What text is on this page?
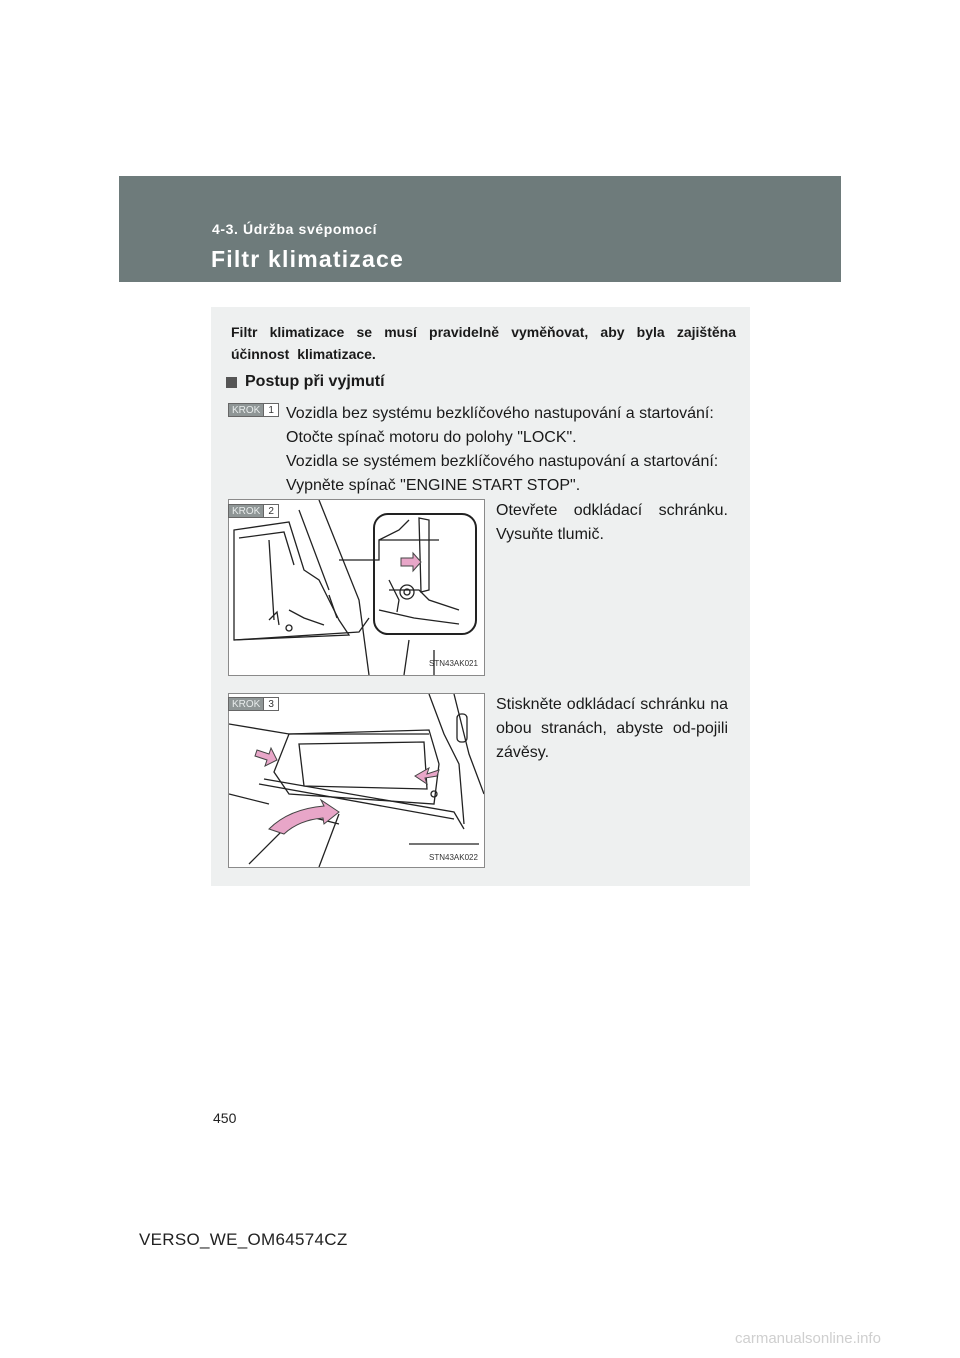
4-3. Údržba svépomocí
Filtr klimatizace
Filtr klimatizace se musí pravidelně vyměňovat, aby byla zajištěna účinnost klimatizace.
Postup při vyjmutí
KROK 1 Vozidla bez systému bezklíčového nastupování a startování:

Otočte spínač motoru do polohy "LOCK".

Vozidla se systémem bezklíčového nastupování a startování:

Vypněte spínač "ENGINE START STOP".

STN43AK021
KROK 2	Otevřete odkládací schránku. Vysuňte tlumič.
STN43AK022
KROK 3	Stiskněte odkládací schránku na obou stranách, abyste od-pojili závěsy.
450
VERSO_WE_OM64574CZ
carmanualsonline.info
